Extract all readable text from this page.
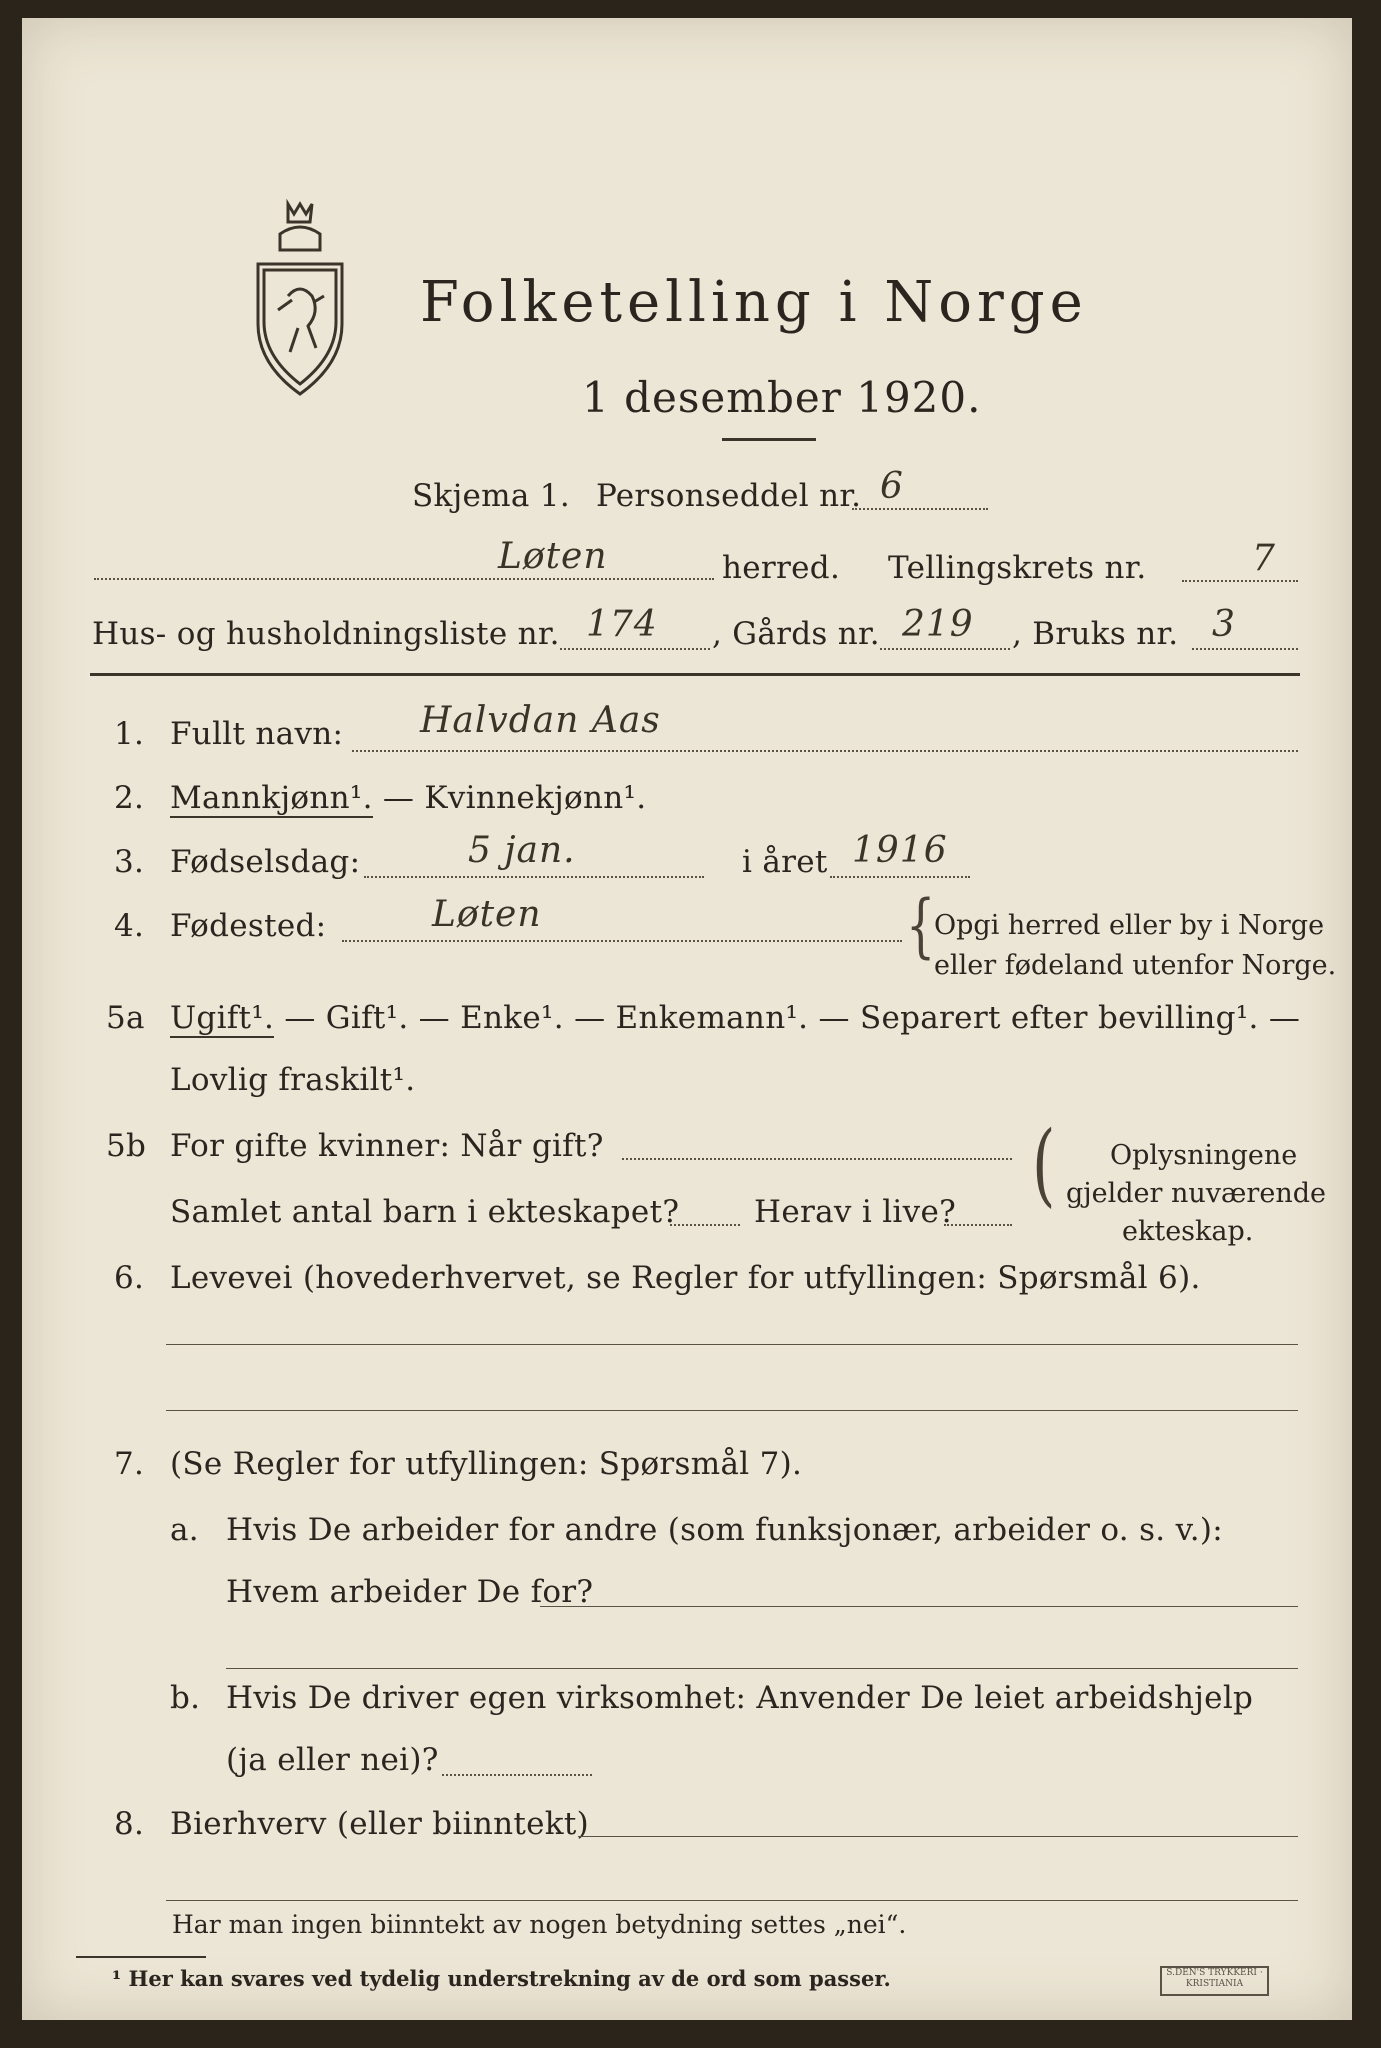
Folketelling i Norge
1 desember 1920.
Skjema 1. Personseddel nr. 6
Løten	herred. Tellingskrets nr.	7
Hus- og husholdningsliste nr. 174 , Gårds nr. 219 , Bruks nr. 3
1. Fullt navn: Halvdan Aas
2. Mannkjønn¹. — Kvinnekjønn¹.
3. Fødselsdag:	5 jan.	i året 1916
4. Fødested:	Løten	{
Opgi herred eller by i Norge
eller fødeland utenfor Norge.
5a Ugift¹. — Gift¹. — Enke¹. — Enkemann¹. — Separert efter bevilling¹. —
Lovlig fraskilt¹.
5b For gifte kvinner: Når gift?
Samlet antal barn i ekteskapet? Herav i live? ( Oplysningene
gjelder nuværende
ekteskap.
6. Levevei (hovederhvervet, se Regler for utfyllingen: Spørsmål 6).
7. (Se Regler for utfyllingen: Spørsmål 7).
a. Hvis De arbeider for andre (som funksjonær, arbeider o. s. v.):
Hvem arbeider De for?
b. Hvis De driver egen virksomhet: Anvender De leiet arbeidshjelp
(ja eller nei)?
8. Bierhverv (eller biinntekt)
Har man ingen biinntekt av nogen betydning settes „nei“.
¹ Her kan svares ved tydelig understrekning av de ord som passer.	S.DEN'S TRYKKERI · KRISTIANIA
